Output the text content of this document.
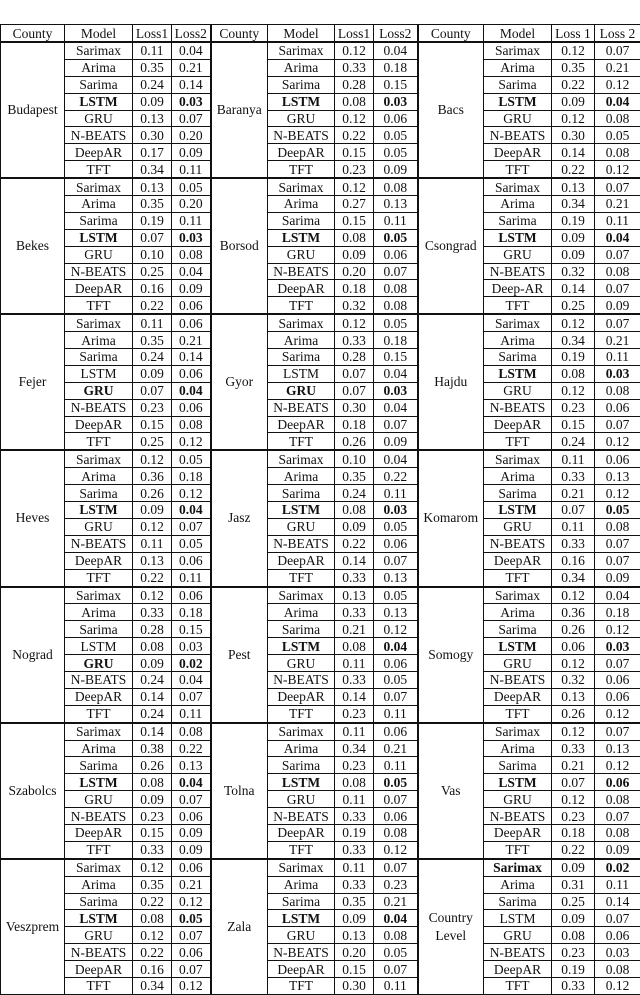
County	Model	Loss1	Loss2	County	Model	Loss1	Loss2	County	Model	Loss 1	Loss 2
Budapest	Sarimax	0.11	0.04	Baranya	Sarimax	0.12	0.04	Bacs	Sarimax	0.12	0.07
	Arima	0.35	0.21		Arima	0.33	0.18		Arima	0.35	0.21
	Sarima	0.24	0.14		Sarima	0.28	0.15		Sarima	0.22	0.12
	LSTM	0.09	0.03		LSTM	0.08	0.03		LSTM	0.09	0.04
	GRU	0.13	0.07		GRU	0.12	0.06		GRU	0.12	0.08
	N-BEATS	0.30	0.20		N-BEATS	0.22	0.05		N-BEATS	0.30	0.05
	DeepAR	0.17	0.09		DeepAR	0.15	0.05		DeepAR	0.14	0.08
	TFT	0.34	0.11		TFT	0.23	0.09		TFT	0.22	0.12
Bekes	Sarimax	0.13	0.05	Borsod	Sarimax	0.12	0.08	Csongrad	Sarimax	0.13	0.07
	Arima	0.35	0.20		Arima	0.27	0.13		Arima	0.34	0.21
	Sarima	0.19	0.11		Sarima	0.15	0.11		Sarima	0.19	0.11
	LSTM	0.07	0.03		LSTM	0.08	0.05		LSTM	0.09	0.04
	GRU	0.10	0.08		GRU	0.09	0.06		GRU	0.09	0.07
	N-BEATS	0.25	0.04		N-BEATS	0.20	0.07		N-BEATS	0.32	0.08
	DeepAR	0.16	0.09		DeepAR	0.18	0.08		Deep-AR	0.14	0.07
	TFT	0.22	0.06		TFT	0.32	0.08		TFT	0.25	0.09
Fejer	Sarimax	0.11	0.06	Gyor	Sarimax	0.12	0.05	Hajdu	Sarimax	0.12	0.07
	Arima	0.35	0.21		Arima	0.33	0.18		Arima	0.34	0.21
	Sarima	0.24	0.14		Sarima	0.28	0.15		Sarima	0.19	0.11
	LSTM	0.09	0.06		LSTM	0.07	0.04		LSTM	0.08	0.03
	GRU	0.07	0.04		GRU	0.07	0.03		GRU	0.12	0.08
	N-BEATS	0.23	0.06		N-BEATS	0.30	0.04		N-BEATS	0.23	0.06
	DeepAR	0.15	0.08		DeepAR	0.18	0.07		DeepAR	0.15	0.07
	TFT	0.25	0.12		TFT	0.26	0.09		TFT	0.24	0.12
Heves	Sarimax	0.12	0.05	Jasz	Sarimax	0.10	0.04	Komarom	Sarimax	0.11	0.06
	Arima	0.36	0.18		Arima	0.35	0.22		Arima	0.33	0.13
	Sarima	0.26	0.12		Sarima	0.24	0.11		Sarima	0.21	0.12
	LSTM	0.09	0.04		LSTM	0.08	0.03		LSTM	0.07	0.05
	GRU	0.12	0.07		GRU	0.09	0.05		GRU	0.11	0.08
	N-BEATS	0.11	0.05		N-BEATS	0.22	0.06		N-BEATS	0.33	0.07
	DeepAR	0.13	0.06		DeepAR	0.14	0.07		DeepAR	0.16	0.07
	TFT	0.22	0.11		TFT	0.33	0.13		TFT	0.34	0.09
Nograd	Sarimax	0.12	0.06	Pest	Sarimax	0.13	0.05	Somogy	Sarimax	0.12	0.04
	Arima	0.33	0.18		Arima	0.33	0.13		Arima	0.36	0.18
	Sarima	0.28	0.15		Sarima	0.21	0.12		Sarima	0.26	0.12
	LSTM	0.08	0.03		LSTM	0.08	0.04		LSTM	0.06	0.03
	GRU	0.09	0.02		GRU	0.11	0.06		GRU	0.12	0.07
	N-BEATS	0.24	0.04		N-BEATS	0.33	0.05		N-BEATS	0.32	0.06
	DeepAR	0.14	0.07		DeepAR	0.14	0.07		DeepAR	0.13	0.06
	TFT	0.24	0.11		TFT	0.23	0.11		TFT	0.26	0.12
Szabolcs	Sarimax	0.14	0.08	Tolna	Sarimax	0.11	0.06	Vas	Sarimax	0.12	0.07
	Arima	0.38	0.22		Arima	0.34	0.21		Arima	0.33	0.13
	Sarima	0.26	0.13		Sarima	0.23	0.11		Sarima	0.21	0.12
	LSTM	0.08	0.04		LSTM	0.08	0.05		LSTM	0.07	0.06
	GRU	0.09	0.07		GRU	0.11	0.07		GRU	0.12	0.08
	N-BEATS	0.23	0.06		N-BEATS	0.33	0.06		N-BEATS	0.23	0.07
	DeepAR	0.15	0.09		DeepAR	0.19	0.08		DeepAR	0.18	0.08
	TFT	0.33	0.09		TFT	0.33	0.12		TFT	0.22	0.09
Veszprem	Sarimax	0.12	0.06	Zala	Sarimax	0.11	0.07	Country Level	Sarimax	0.09	0.02
	Arima	0.35	0.21		Arima	0.33	0.23		Arima	0.31	0.11
	Sarima	0.22	0.12		Sarima	0.35	0.21		Sarima	0.25	0.14
	LSTM	0.08	0.05		LSTM	0.09	0.04		LSTM	0.09	0.07
	GRU	0.12	0.07		GRU	0.13	0.08		GRU	0.08	0.06
	N-BEATS	0.22	0.06		N-BEATS	0.20	0.05		N-BEATS	0.23	0.03
	DeepAR	0.16	0.07		DeepAR	0.15	0.07		DeepAR	0.19	0.08
	TFT	0.34	0.12		TFT	0.30	0.11		TFT	0.33	0.12
